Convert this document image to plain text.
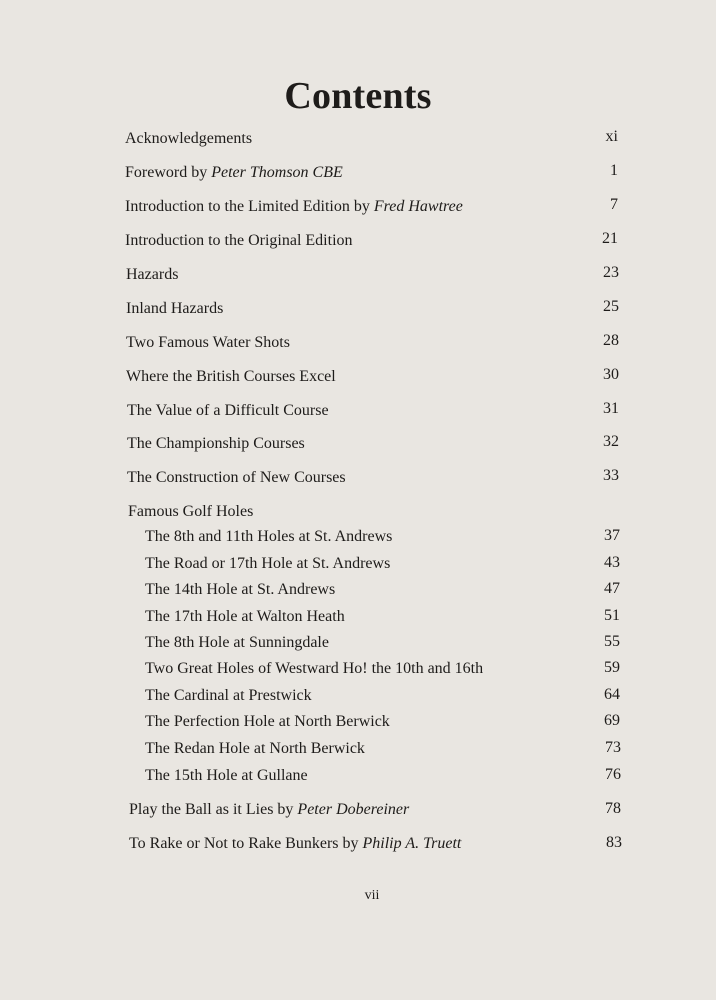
Contents
Acknowledgements	xi
Foreword by Peter Thomson CBE	1
Introduction to the Limited Edition by Fred Hawtree	7
Introduction to the Original Edition	21
Hazards	23
Inland Hazards	25
Two Famous Water Shots	28
Where the British Courses Excel	30
The Value of a Difficult Course	31
The Championship Courses	32
The Construction of New Courses	33
Famous Golf Holes
The 8th and 11th Holes at St. Andrews	37
The Road or 17th Hole at St. Andrews	43
The 14th Hole at St. Andrews	47
The 17th Hole at Walton Heath	51
The 8th Hole at Sunningdale	55
Two Great Holes of Westward Ho! the 10th and 16th	59
The Cardinal at Prestwick	64
The Perfection Hole at North Berwick	69
The Redan Hole at North Berwick	73
The 15th Hole at Gullane	76
Play the Ball as it Lies by Peter Dobereiner	78
To Rake or Not to Rake Bunkers by Philip A. Truett	83
vii
